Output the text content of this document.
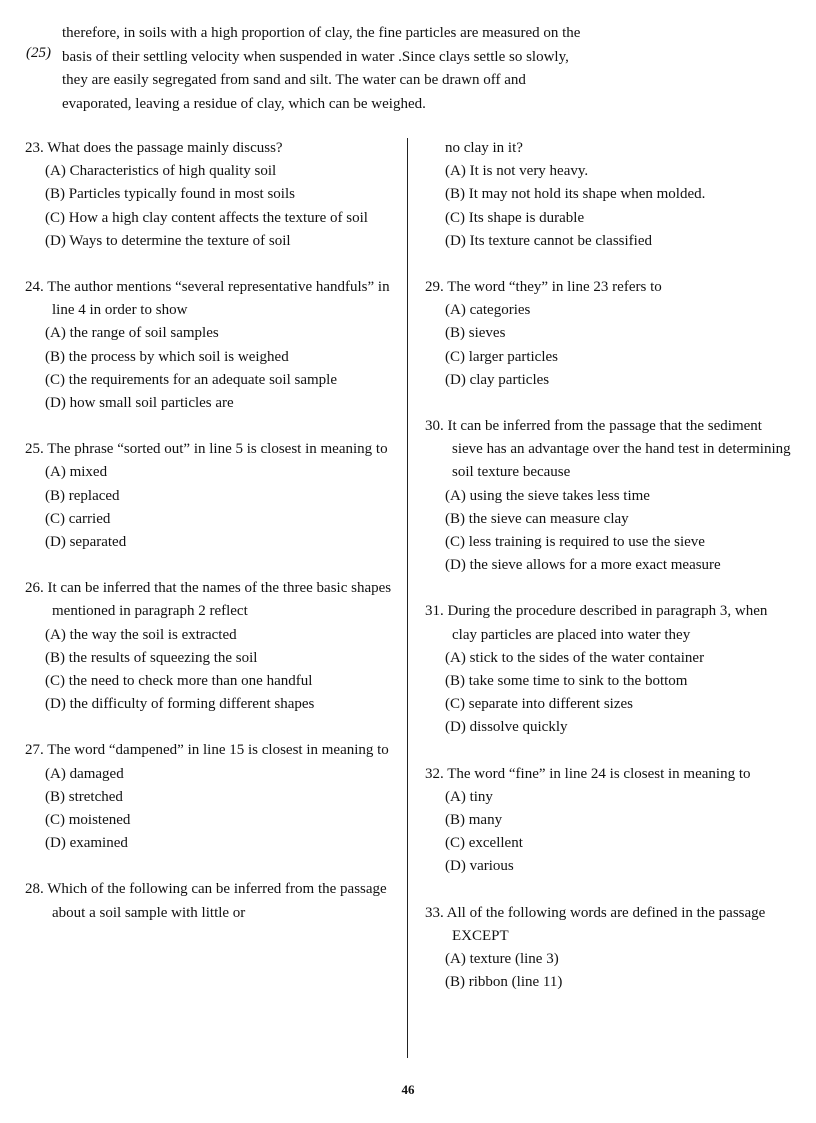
therefore, in soils with a high proportion of clay, the fine particles are measured on the
basis of their settling velocity when suspended in water .Since clays settle so slowly,
they are easily segregated from sand and silt. The water can be drawn off and
evaporated, leaving a residue of clay, which can be weighed.
(25)
23. What does the passage mainly discuss?
(A) Characteristics of high quality soil
(B) Particles typically found in most soils
(C) How a high clay content affects the texture of soil
(D) Ways to determine the texture of soil
24. The author mentions “several representative handfuls” in line 4 in order to show
(A) the range of soil samples
(B) the process by which soil is weighed
(C) the requirements for an adequate soil sample
(D) how small soil particles are
25. The phrase “sorted out” in line 5 is closest in meaning to
(A) mixed
(B) replaced
(C) carried
(D) separated
26. It can be inferred that the names of the three basic shapes mentioned in paragraph 2 reflect
(A) the way the soil is extracted
(B) the results of squeezing the soil
(C) the need to check more than one handful
(D) the difficulty of forming different shapes
27. The word “dampened” in line 15 is closest in meaning to
(A) damaged
(B) stretched
(C) moistened
(D) examined
28. Which of the following can be inferred from the passage about a soil sample with little or
no clay in it?
(A) It is not very heavy.
(B) It may not hold its shape when molded.
(C) Its shape is durable
(D) Its texture cannot be classified
29. The word “they” in line 23 refers to
(A) categories
(B) sieves
(C) larger particles
(D) clay particles
30. It can be inferred from the passage that the sediment sieve has an advantage over the hand test in determining soil texture because
(A) using the sieve takes less time
(B) the sieve can measure clay
(C) less training is required to use the sieve
(D) the sieve allows for a more exact measure
31. During the procedure described in paragraph 3, when clay particles are placed into water they
(A) stick to the sides of the water container
(B) take some time to sink to the bottom
(C) separate into different sizes
(D) dissolve quickly
32. The word “fine” in line 24 is closest in meaning to
(A) tiny
(B) many
(C) excellent
(D) various
33. All of the following words are defined in the passage EXCEPT
(A) texture (line 3)
(B) ribbon (line 11)
46
